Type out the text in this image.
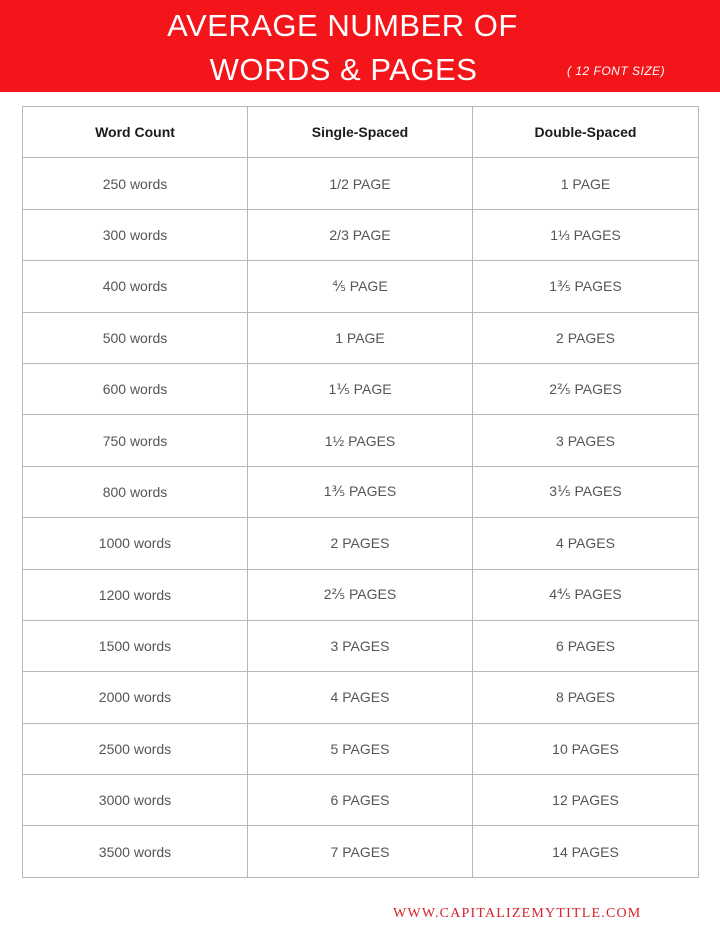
AVERAGE NUMBER OF
WORDS & PAGES	( 12 FONT SIZE)
Word Count	Single-Spaced	Double-Spaced
250 words	1/2 PAGE	1 PAGE
300 words	2/3 PAGE	1⅓ PAGES
400 words	⅘ PAGE	1⅗ PAGES
500 words	1 PAGE	2 PAGES
600 words	1⅕ PAGE	2⅖ PAGES
750 words	1½ PAGES	3 PAGES
800 words	1⅗ PAGES	3⅕ PAGES
1000 words	2 PAGES	4 PAGES
1200 words	2⅖ PAGES	4⅘ PAGES
1500 words	3 PAGES	6 PAGES
2000 words	4 PAGES	8 PAGES
2500 words	5 PAGES	10 PAGES
3000 words	6 PAGES	12 PAGES
3500 words	7 PAGES	14 PAGES
WWW.CAPITALIZEMYTITLE.COM
